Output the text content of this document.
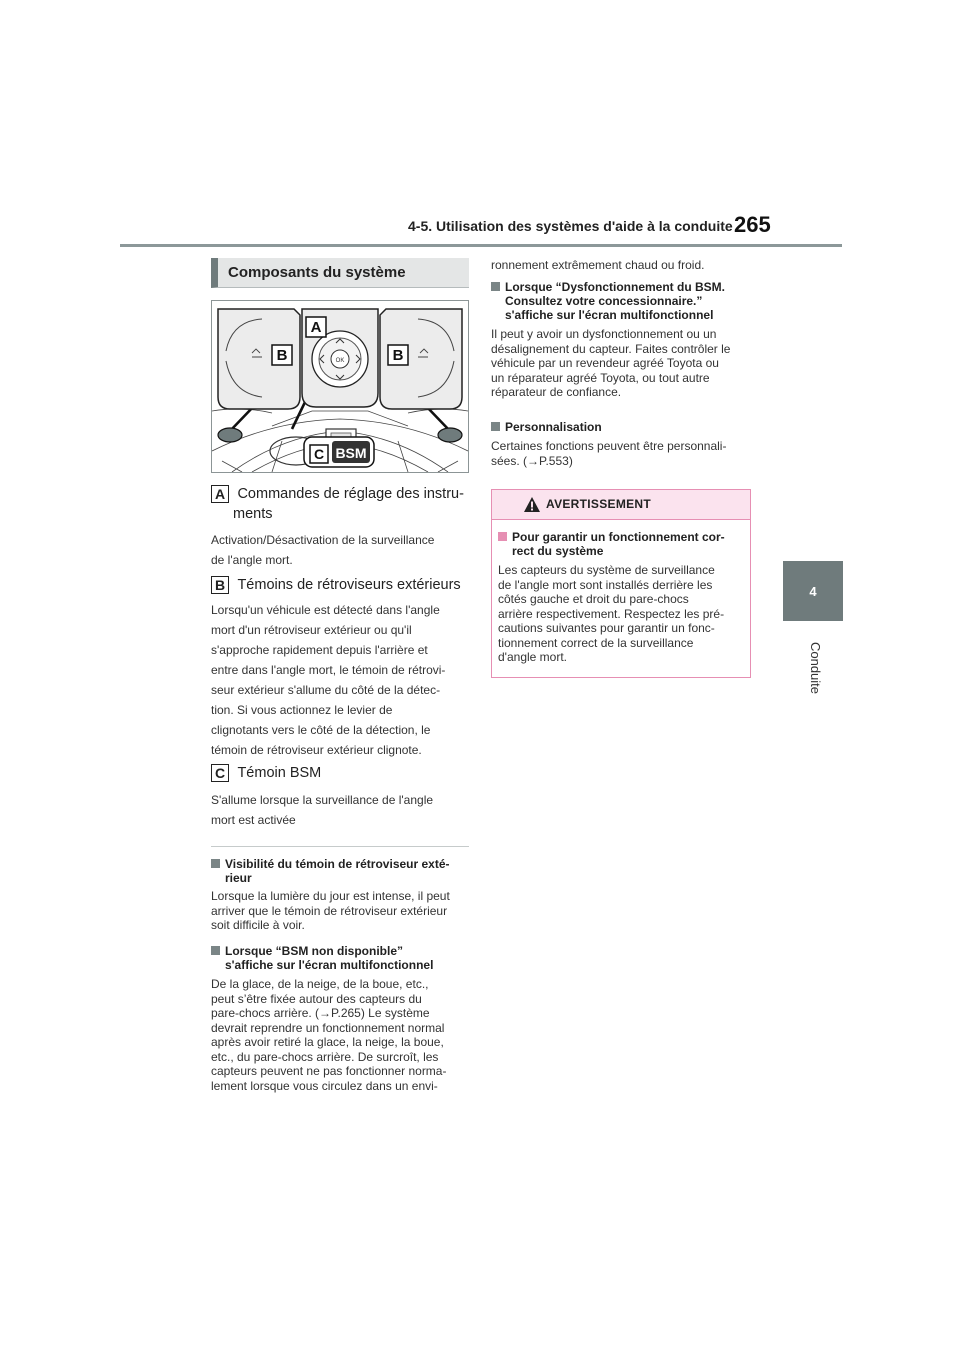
4-5. Utilisation des systèmes d'aide à la conduite 265
4
Conduite
Composants du système
A
B	B
OK
C BSM
A Commandes de réglage des instru-
ments
Activation/Désactivation de la surveillance
de l'angle mort.
B Témoins de rétroviseurs extérieurs
Lorsqu'un véhicule est détecté dans l'angle
mort d'un rétroviseur extérieur ou qu'il
s'approche rapidement depuis l'arrière et
entre dans l'angle mort, le témoin de rétrovi-
seur extérieur s'allume du côté de la détec-
tion. Si vous actionnez le levier de
clignotants vers le côté de la détection, le
témoin de rétroviseur extérieur clignote.
C Témoin BSM
S'allume lorsque la surveillance de l'angle
mort est activée
Visibilité du témoin de rétroviseur exté-
rieur
Lorsque la lumière du jour est intense, il peut
arriver que le témoin de rétroviseur extérieur
soit difficile à voir.
Lorsque “BSM non disponible”
s'affiche sur l'écran multifonctionnel
De la glace, de la neige, de la boue, etc.,
peut s’être fixée autour des capteurs du
pare-chocs arrière. (→P.265) Le système
devrait reprendre un fonctionnement normal
après avoir retiré la glace, la neige, la boue,
etc., du pare-chocs arrière. De surcroît, les
capteurs peuvent ne pas fonctionner norma-
lement lorsque vous circulez dans un envi-
ronnement extrêmement chaud ou froid.
Lorsque “Dysfonctionnement du BSM.
Consultez votre concessionnaire.”
s'affiche sur l'écran multifonctionnel
Il peut y avoir un dysfonctionnement ou un
désalignement du capteur. Faites contrôler le
véhicule par un revendeur agréé Toyota ou
un réparateur agréé Toyota, ou tout autre
réparateur de confiance.
Personnalisation
Certaines fonctions peuvent être personnali-
sées. (→P.553)
AVERTISSEMENT
Pour garantir un fonctionnement cor-
rect du système
Les capteurs du système de surveillance
de l'angle mort sont installés derrière les
côtés gauche et droit du pare-chocs
arrière respectivement. Respectez les pré-
cautions suivantes pour garantir un fonc-
tionnement correct de la surveillance
d'angle mort.
